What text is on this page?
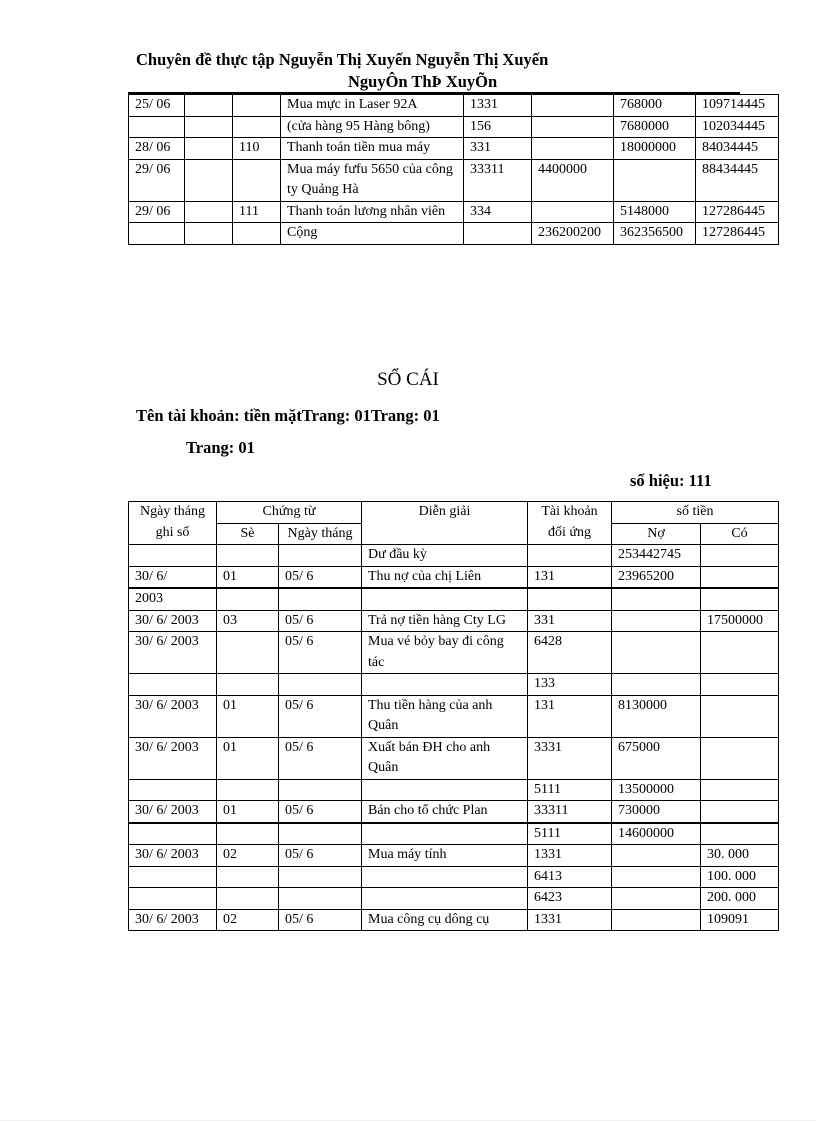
Chuyên đề thực tập Nguyễn Thị Xuyến Nguyễn Thị Xuyến
NguyÔn ThÞ XuyÕn
25/ 06			Mua mực in Laser 92A	1331		768000	109714445
			(cửa hàng 95 Hàng bông)	156		7680000	102034445
28/ 06		110	Thanh toán tiền mua máy	331		18000000	84034445
29/ 06			Mua máy fưfu 5650 của công ty Quảng Hà	33311	4400000		88434445
29/ 06		111	Thanh toán lương nhân viên	334		5148000	127286445
			Cộng		236200200	362356500	127286445
SỔ CÁI
Tên tài khoản: tiền mặtTrang: 01Trang: 01
Trang: 01
số hiệu: 111
Ngày tháng ghi sổ	Chứng từ		Diễn giải	Tài khoản đối ứng	số tiền	
	Sè	Ngày tháng			Nợ	Có
			Dư đầu kỳ		253442745	
30/ 6/	01	05/ 6	Thu nợ của chị Liên	131	23965200	
2003						
30/ 6/ 2003	03	05/ 6	Trả nợ tiền hàng Cty LG	331		17500000
30/ 6/ 2003		05/ 6	Mua vé bỏy bay đi công tác	6428		
				133		
30/ 6/ 2003	01	05/ 6	Thu tiền hàng của anh Quân	131	8130000	
30/ 6/ 2003	01	05/ 6	Xuất bán ĐH cho anh Quân	3331	675000	
				5111	13500000	
30/ 6/ 2003	01	05/ 6	Bán cho tổ chức Plan	33311	730000	
				5111	14600000	
30/ 6/ 2003	02	05/ 6	Mua máy tính	1331		30. 000
				6413		100. 000
				6423		200. 000
30/ 6/ 2003	02	05/ 6	Mua công cụ dông cụ	1331		109091
